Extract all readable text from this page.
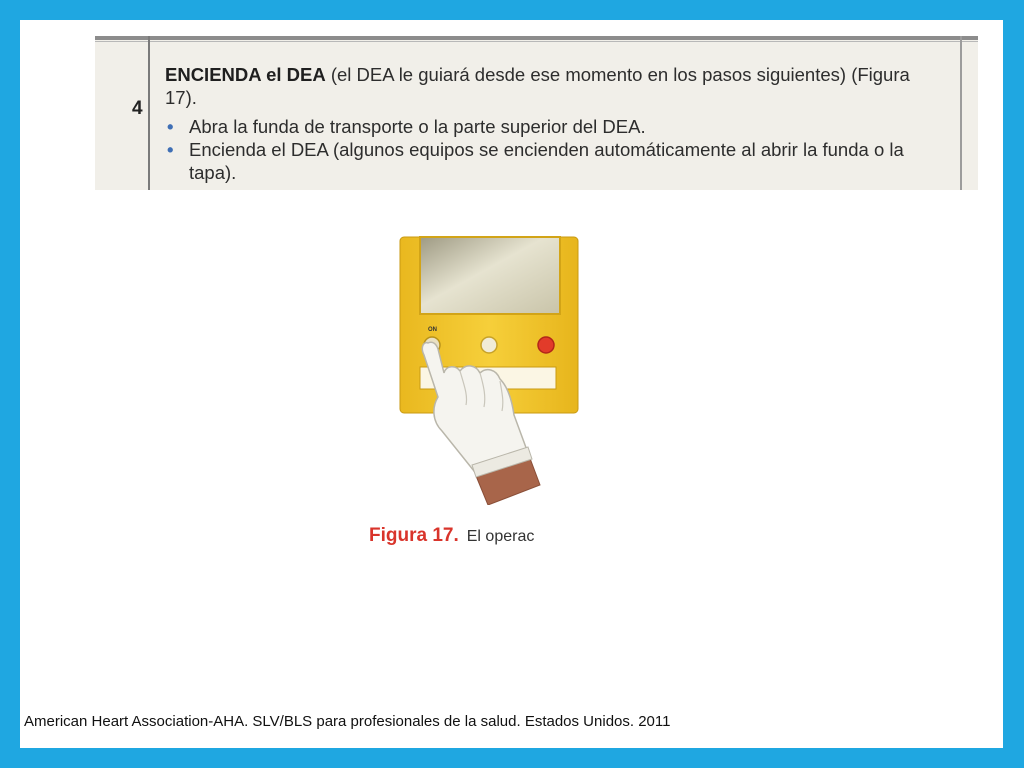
4
ENCIENDA el DEA (el DEA le guiará desde ese momento en los pasos siguientes) (Figura 17).
• Abra la funda de transporte o la parte superior del DEA.
• Encienda el DEA (algunos equipos se encienden automáticamente al abrir la funda o la tapa).
ON
Figura 17. El operac
American Heart Association-AHA. SLV/BLS para profesionales de la salud. Estados Unidos. 2011
